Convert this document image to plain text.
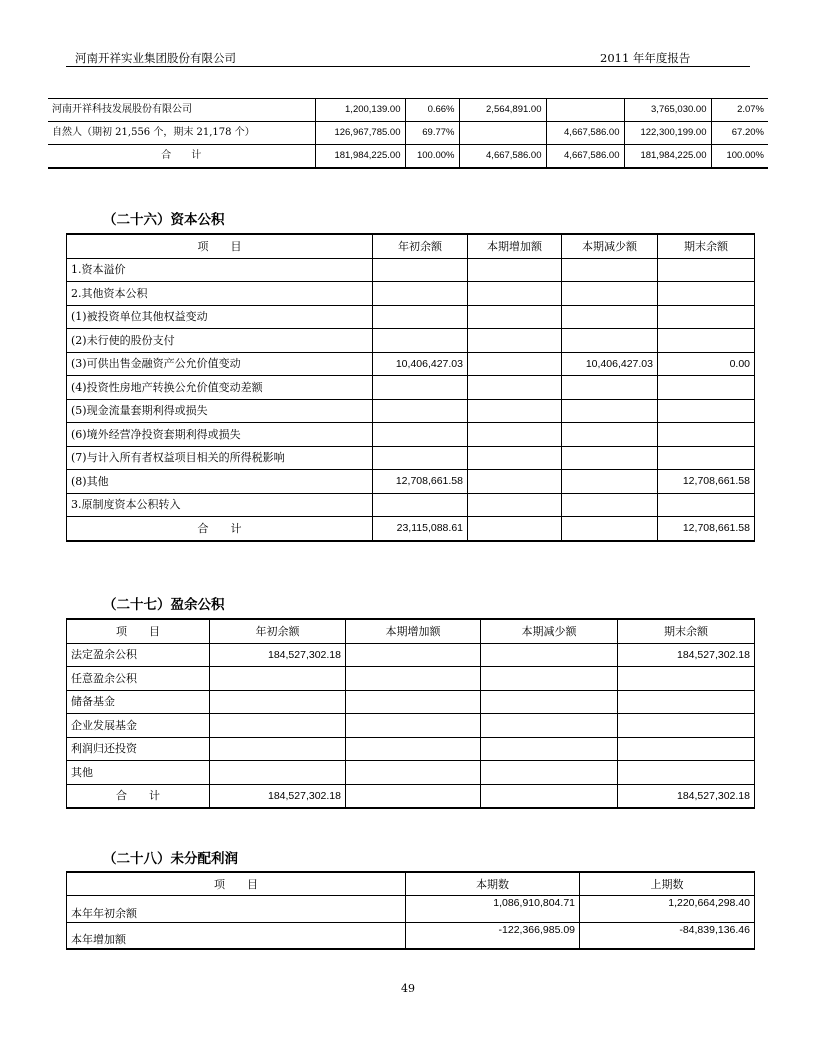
河南开祥实业集团股份有限公司	2011 年年度报告
河南开祥科技发展股份有限公司	1,200,139.00	0.66%	2,564,891.00		3,765,030.00	2.07%
自然人（期初 21,556 个，期末 21,178 个）	126,967,785.00	69.77%		4,667,586.00	122,300,199.00	67.20%
合　　计	181,984,225.00	100.00%	4,667,586.00	4,667,586.00	181,984,225.00	100.00%
（二十六）资本公积
项　　目	年初余额	本期增加额	本期减少额	期末余额
1.资本溢价				
2.其他资本公积				
(1)被投资单位其他权益变动				
(2)未行使的股份支付				
(3)可供出售金融资产公允价值变动	10,406,427.03		10,406,427.03	0.00
(4)投资性房地产转换公允价值变动差额				
(5)现金流量套期利得或损失				
(6)境外经营净投资套期利得或损失				
(7)与计入所有者权益项目相关的所得税影响				
(8)其他	12,708,661.58			12,708,661.58
3.原制度资本公积转入				
合　　计	23,115,088.61			12,708,661.58
（二十七）盈余公积
项　　目	年初余额	本期增加额	本期减少额	期末余额
法定盈余公积	184,527,302.18			184,527,302.18
任意盈余公积				
储备基金				
企业发展基金				
利润归还投资				
其他				
合　　计	184,527,302.18			184,527,302.18
（二十八）未分配利润
项　　目	本期数	上期数
本年年初余额	1,086,910,804.71	1,220,664,298.40
本年增加额	-122,366,985.09	-84,839,136.46
49
